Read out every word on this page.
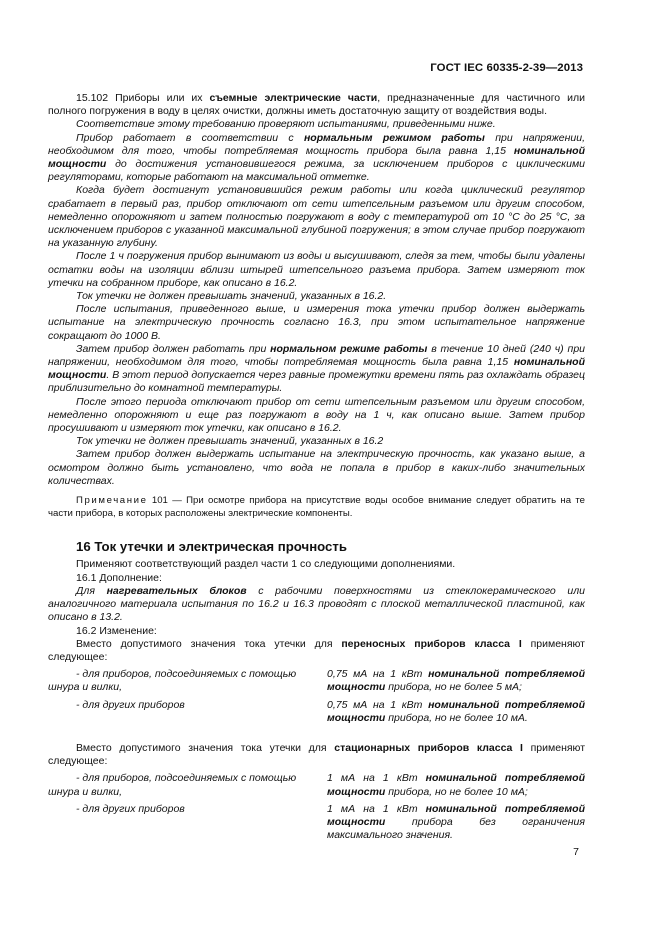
ГОСТ IEC 60335-2-39—2013

15.102 Приборы или их съемные электрические части, предназначенные для частичного или полного погружения в воду в целях очистки, должны иметь достаточную защиту от воздействия воды.

Соответствие этому требованию проверяют испытаниями, приведенными ниже.

Прибор работает в соответствии с нормальным режимом работы при напряжении, необходимом для того, чтобы потребляемая мощность прибора была равна 1,15 номинальной мощности до достижения установившегося режима, за исключением приборов с циклическими регуляторами, которые работают на максимальной отметке.

Когда будет достигнут установившийся режим работы или когда циклический регулятор срабатает в первый раз, прибор отключают от сети штепсельным разъемом или другим способом, немедленно опорожняют и затем полностью погружают в воду с температурой от 10 °С до 25 °С, за исключением приборов с указанной максимальной глубиной погружения; в этом случае прибор погружают на указанную глубину.

После 1 ч погружения прибор вынимают из воды и высушивают, следя за тем, чтобы были удалены остатки воды на изоляции вблизи штырей штепсельного разъема прибора. Затем измеряют ток утечки на собранном приборе, как описано в 16.2.

Ток утечки не должен превышать значений, указанных в 16.2.

После испытания, приведенного выше, и измерения тока утечки прибор должен выдержать испытание на электрическую прочность согласно 16.3, при этом испытательное напряжение сокращают до 1000 В.

Затем прибор должен работать при нормальном режиме работы в течение 10 дней (240 ч) при напряжении, необходимом для того, чтобы потребляемая мощность была равна 1,15 номинальной мощности. В этот период допускается через равные промежутки времени пять раз охлаждать образец приблизительно до комнатной температуры.

После этого периода отключают прибор от сети штепсельным разъемом или другим способом, немедленно опорожняют и еще раз погружают в воду на 1 ч, как описано выше. Затем прибор просушивают и измеряют ток утечки, как описано в 16.2.

Ток утечки не должен превышать значений, указанных в 16.2

Затем прибор должен выдержать испытание на электрическую прочность, как указано выше, а осмотром должно быть установлено, что вода не попала в прибор в каких-либо значительных количествах.

Примечание 101 — При осмотре прибора на присутствие воды особое внимание следует обратить на те части прибора, в которых расположены электрические компоненты.

16 Ток утечки и электрическая прочность

Применяют соответствующий раздел части 1 со следующими дополнениями.

16.1 Дополнение:

Для нагревательных блоков с рабочими поверхностями из стеклокерамического или аналогичного материала испытания по 16.2 и 16.3 проводят с плоской металлической пластиной, как описано в 13.2.

16.2 Изменение:

Вместо допустимого значения тока утечки для переносных приборов класса I применяют следующее:

- для приборов, подсоединяемых с помощью
шнура и вилки,
0,75 мА на 1 кВт номинальной потребляемой мощности прибора, но не более 5 мА;
- для других приборов	0,75 мА на 1 кВт номинальной потребляемой мощности прибора, но не более 10 мА.

Вместо допустимого значения тока утечки для стационарных приборов класса I применяют следующее:

- для приборов, подсоединяемых с помощью
шнура и вилки,
1 мА на 1 кВт номинальной потребляемой мощности прибора, но не более 10 мА;
- для других приборов	1 мА на 1 кВт номинальной потребляемой мощности прибора без ограничения максимального значения.
7
